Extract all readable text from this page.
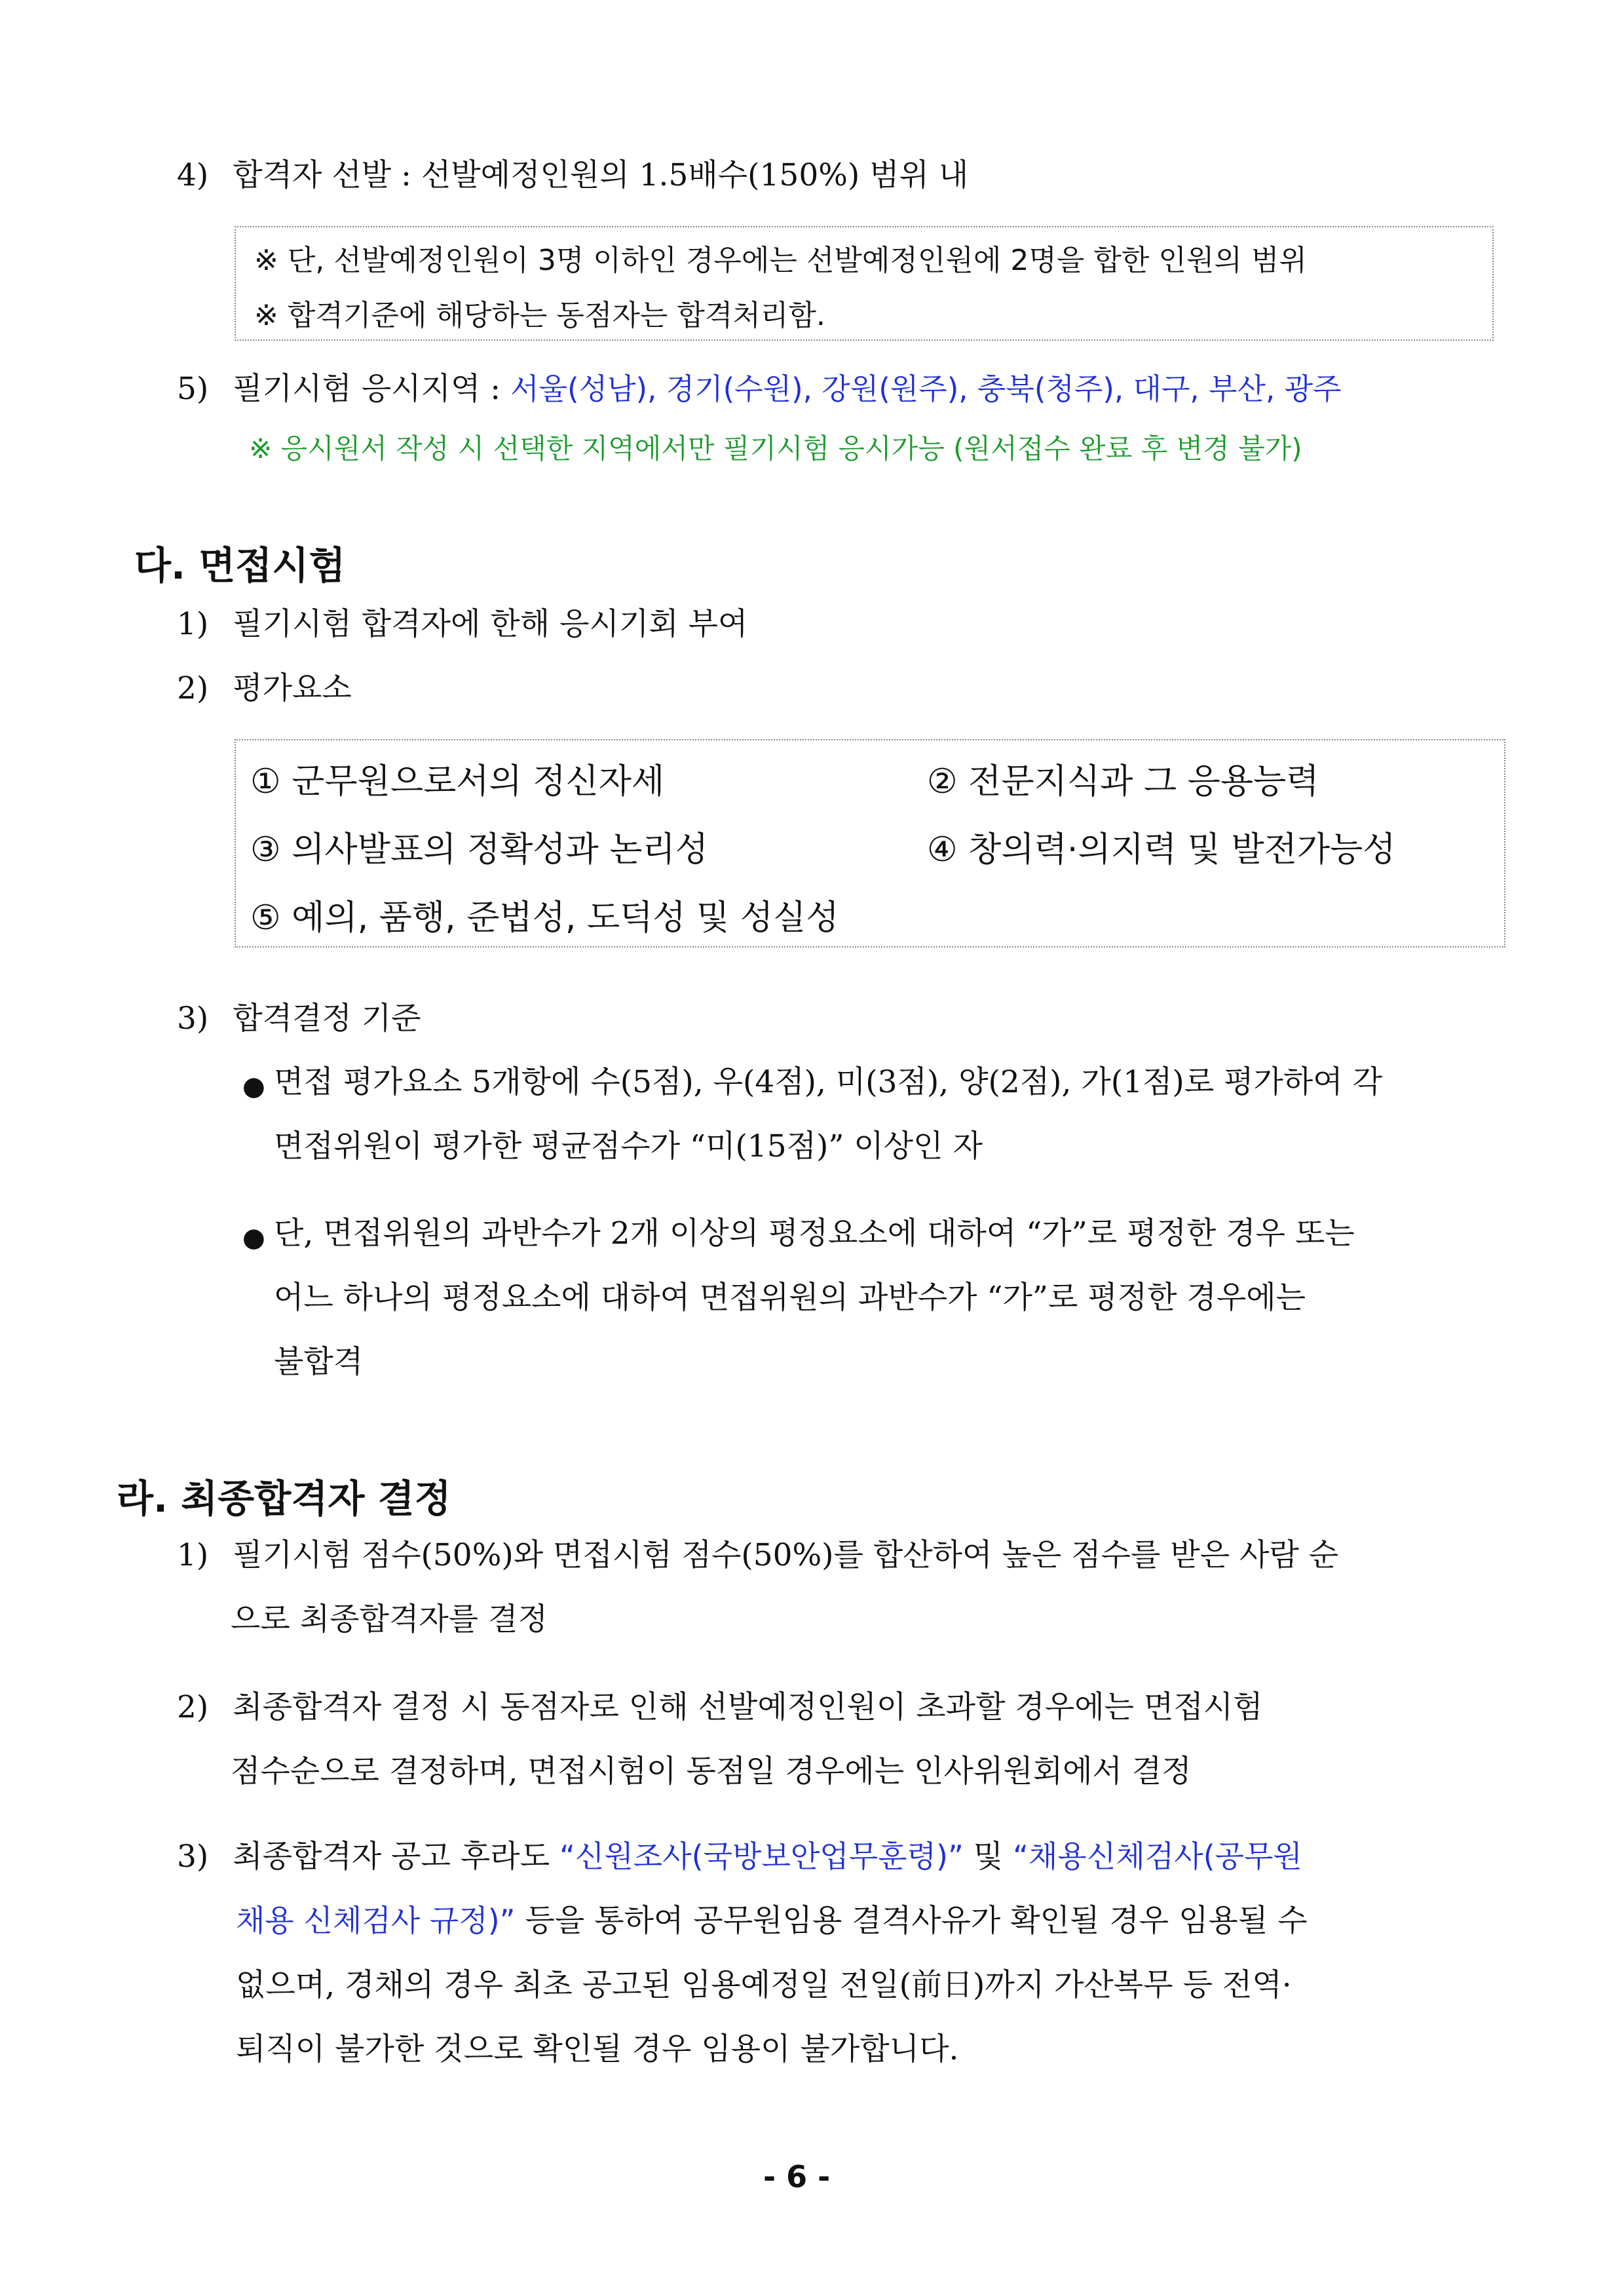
4) 합격자 선발 : 선발예정인원의 1.5배수(150%) 범위 내
※ 단, 선발예정인원이 3명 이하인 경우에는 선발예정인원에 2명을 합한 인원의 범위
※ 합격기준에 해당하는 동점자는 합격처리함.
5) 필기시험 응시지역 : 서울(성남), 경기(수원), 강원(원주), 충북(청주), 대구, 부산, 광주
※ 응시원서 작성 시 선택한 지역에서만 필기시험 응시가능 (원서접수 완료 후 변경 불가)
다. 면접시험
1) 필기시험 합격자에 한해 응시기회 부여
2) 평가요소
① 군무원으로서의 정신자세	② 전문지식과 그 응용능력
③ 의사발표의 정확성과 논리성	④ 창의력·의지력 및 발전가능성
⑤ 예의, 품행, 준법성, 도덕성 및 성실성
3) 합격결정 기준
● 면접 평가요소 5개항에 수(5점), 우(4점), 미(3점), 양(2점), 가(1점)로 평가하여 각
면접위원이 평가한 평균점수가 “미(15점)” 이상인 자
● 단, 면접위원의 과반수가 2개 이상의 평정요소에 대하여 “가”로 평정한 경우 또는
어느 하나의 평정요소에 대하여 면접위원의 과반수가 “가”로 평정한 경우에는
불합격
라. 최종합격자 결정
1) 필기시험 점수(50%)와 면접시험 점수(50%)를 합산하여 높은 점수를 받은 사람 순
으로 최종합격자를 결정
2) 최종합격자 결정 시 동점자로 인해 선발예정인원이 초과할 경우에는 면접시험
점수순으로 결정하며, 면접시험이 동점일 경우에는 인사위원회에서 결정
3) 최종합격자 공고 후라도 “신원조사(국방보안업무훈령)” 및 “채용신체검사(공무원
채용 신체검사 규정)” 등을 통하여 공무원임용 결격사유가 확인될 경우 임용될 수
없으며, 경채의 경우 최초 공고된 임용예정일 전일(前日)까지 가산복무 등 전역·
퇴직이 불가한 것으로 확인될 경우 임용이 불가합니다.
- 6 -
